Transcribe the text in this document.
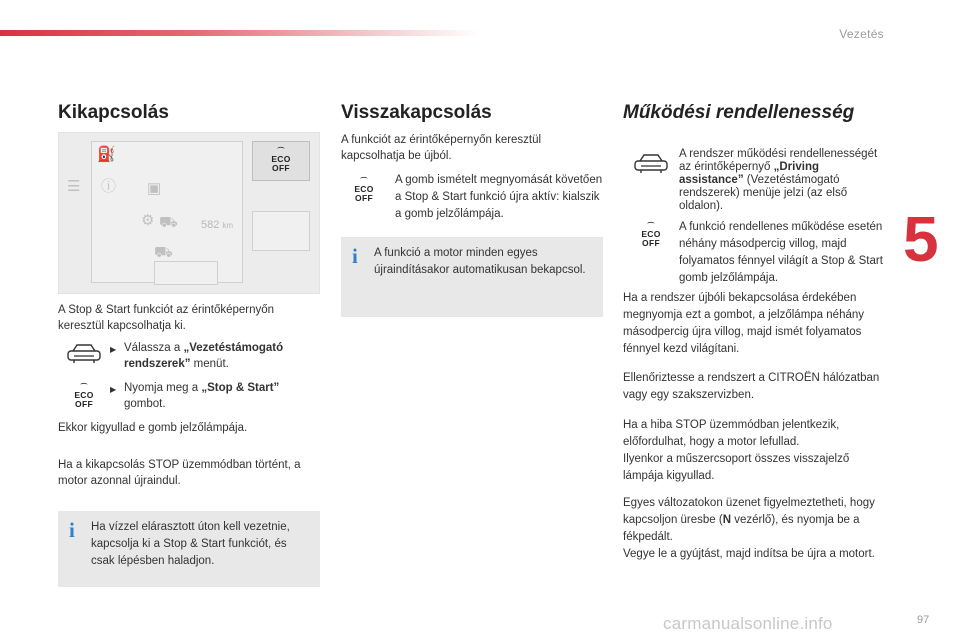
Vezetés
5
Kikapcsolás
⛽
☰ ⓘ ▣
⚙ ⛟
⛟
582 km
⌒
ECO
OFF

A Stop & Start funkciót az érintőképernyőn keresztül kapcsolhatja ki.

▶ Válassza a „Vezetéstámogató rendszerek” menüt.
⌒
ECO
OFF
▶ Nyomja meg a „Stop & Start” gombot.

Ekkor kigyullad e gomb jelzőlámpája.

Ha a kikapcsolás STOP üzemmódban történt, a motor azonnal újraindul.

i Ha vízzel elárasztott úton kell vezetnie, kapcsolja ki a Stop & Start funkciót, és csak lépésben haladjon.
Visszakapcsolás

A funkciót az érintőképernyőn keresztül kapcsolhatja be újból.

⌒
ECO
OFF
A gomb ismételt megnyomását követően a Stop & Start funkció újra aktív: kialszik a gomb jelzőlámpája.
i A funkció a motor minden egyes újraindításakor automatikusan bekapcsol.
Működési rendellenesség
A rendszer működési rendellenességét az érintőképernyő „Driving assistance” (Vezetéstámogató rendszerek) menüje jelzi (az első oldalon).
⌒
ECO
OFF
A funkció rendellenes működése esetén néhány másodpercig villog, majd folyamatos fénnyel világít a Stop & Start gomb jelzőlámpája.

Ha a rendszer újbóli bekapcsolása érdekében megnyomja ezt a gombot, a jelzőlámpa néhány másodpercig újra villog, majd ismét folyamatos fénnyel kezd világítani.

Ellenőriztesse a rendszert a CITROËN hálózatban vagy egy szakszervizben.

Ha a hiba STOP üzemmódban jelentkezik, előfordulhat, hogy a motor lefullad.

Ilyenkor a műszercsoport összes visszajelző lámpája kigyullad.

Egyes változatokon üzenet figyelmeztetheti, hogy kapcsoljon üresbe (N vezérlő), és nyomja be a fékpedált.

Vegye le a gyújtást, majd indítsa be újra a motort.

carmanualsonline.info	97
